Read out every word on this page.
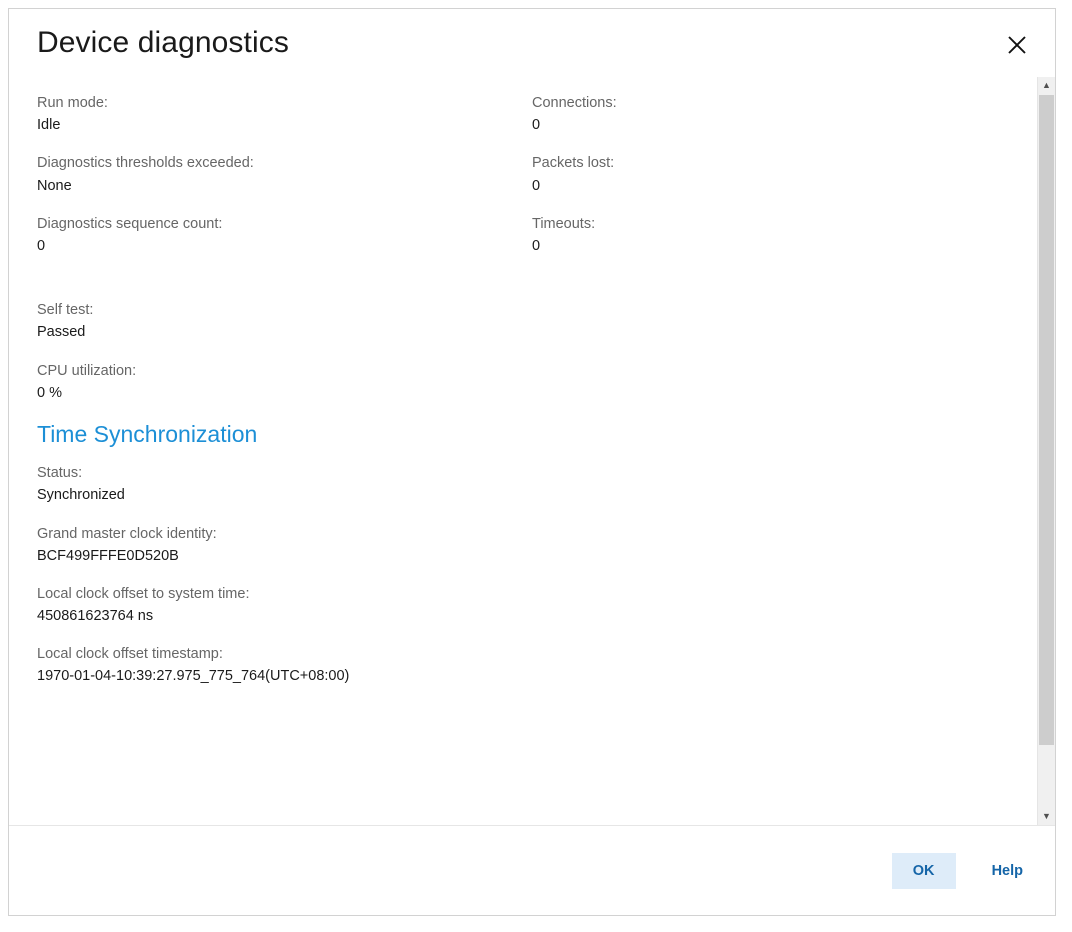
Device diagnostics
Run mode:
Idle
Diagnostics thresholds exceeded:
None
Diagnostics sequence count:
0
Connections:
0
Packets lost:
0
Timeouts:
0
Self test:
Passed
CPU utilization:
0 %
Time Synchronization
Status:
Synchronized
Grand master clock identity:
BCF499FFFE0D520B
Local clock offset to system time:
450861623764 ns
Local clock offset timestamp:
1970-01-04-10:39:27.975_775_764(UTC+08:00)
▲
▼
OK	Help
